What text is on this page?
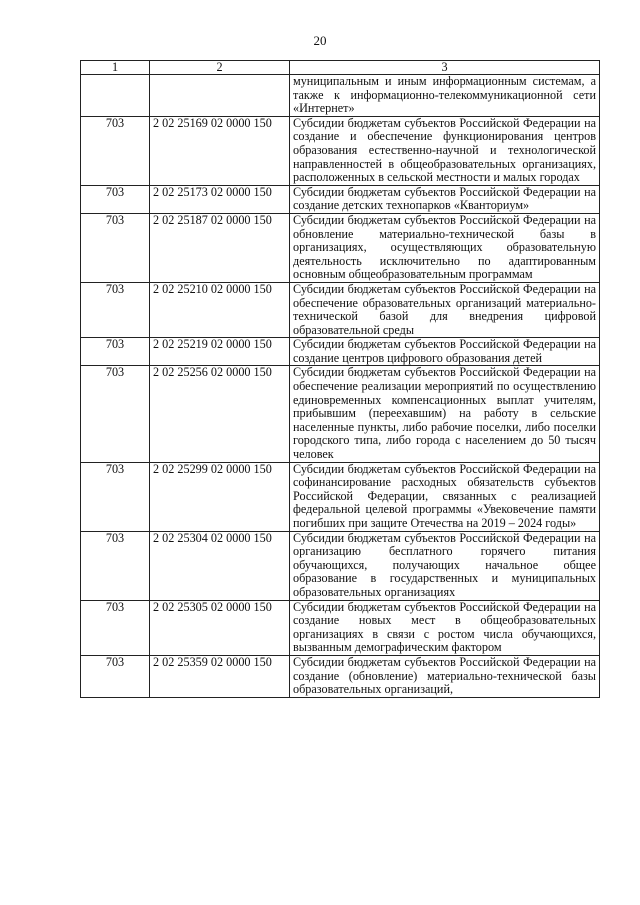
20
1	2	3
		муниципальным и иным информационным системам, а также к информационно-телекоммуникационной сети «Интернет»
703	2 02 25169 02 0000 150	Субсидии бюджетам субъектов Российской Федерации на создание и обеспечение функционирования центров образования естественно-научной и технологической направленностей в общеобразовательных организациях, расположенных в сельской местности и малых городах
703	2 02 25173 02 0000 150	Субсидии бюджетам субъектов Российской Федерации на создание детских технопарков «Кванториум»
703	2 02 25187 02 0000 150	Субсидии бюджетам субъектов Российской Федерации на обновление материально-технической базы в организациях, осуществляющих образовательную деятельность исключительно по адаптированным основным общеобразовательным программам
703	2 02 25210 02 0000 150	Субсидии бюджетам субъектов Российской Федерации на обеспечение образовательных организаций материально-технической базой для внедрения цифровой образовательной среды
703	2 02 25219 02 0000 150	Субсидии бюджетам субъектов Российской Федерации на создание центров цифрового образования детей
703	2 02 25256 02 0000 150	Субсидии бюджетам субъектов Российской Федерации на обеспечение реализации мероприятий по осуществлению единовременных компенсационных выплат учителям, прибывшим (переехавшим) на работу в сельские населенные пункты, либо рабочие поселки, либо поселки городского типа, либо города с населением до 50 тысяч человек
703	2 02 25299 02 0000 150	Субсидии бюджетам субъектов Российской Федерации на софинансирование расходных обязательств субъектов Российской Федерации, связанных с реализацией федеральной целевой программы «Увековечение памяти погибших при защите Отечества на 2019 – 2024 годы»
703	2 02 25304 02 0000 150	Субсидии бюджетам субъектов Российской Федерации на организацию бесплатного горячего питания обучающихся, получающих начальное общее образование в государственных и муниципальных образовательных организациях
703	2 02 25305 02 0000 150	Субсидии бюджетам субъектов Российской Федерации на создание новых мест в общеобразовательных организациях в связи с ростом числа обучающихся, вызванным демографическим фактором
703	2 02 25359 02 0000 150	Субсидии бюджетам субъектов Российской Федерации на создание (обновление) материально-технической базы образовательных организаций,
